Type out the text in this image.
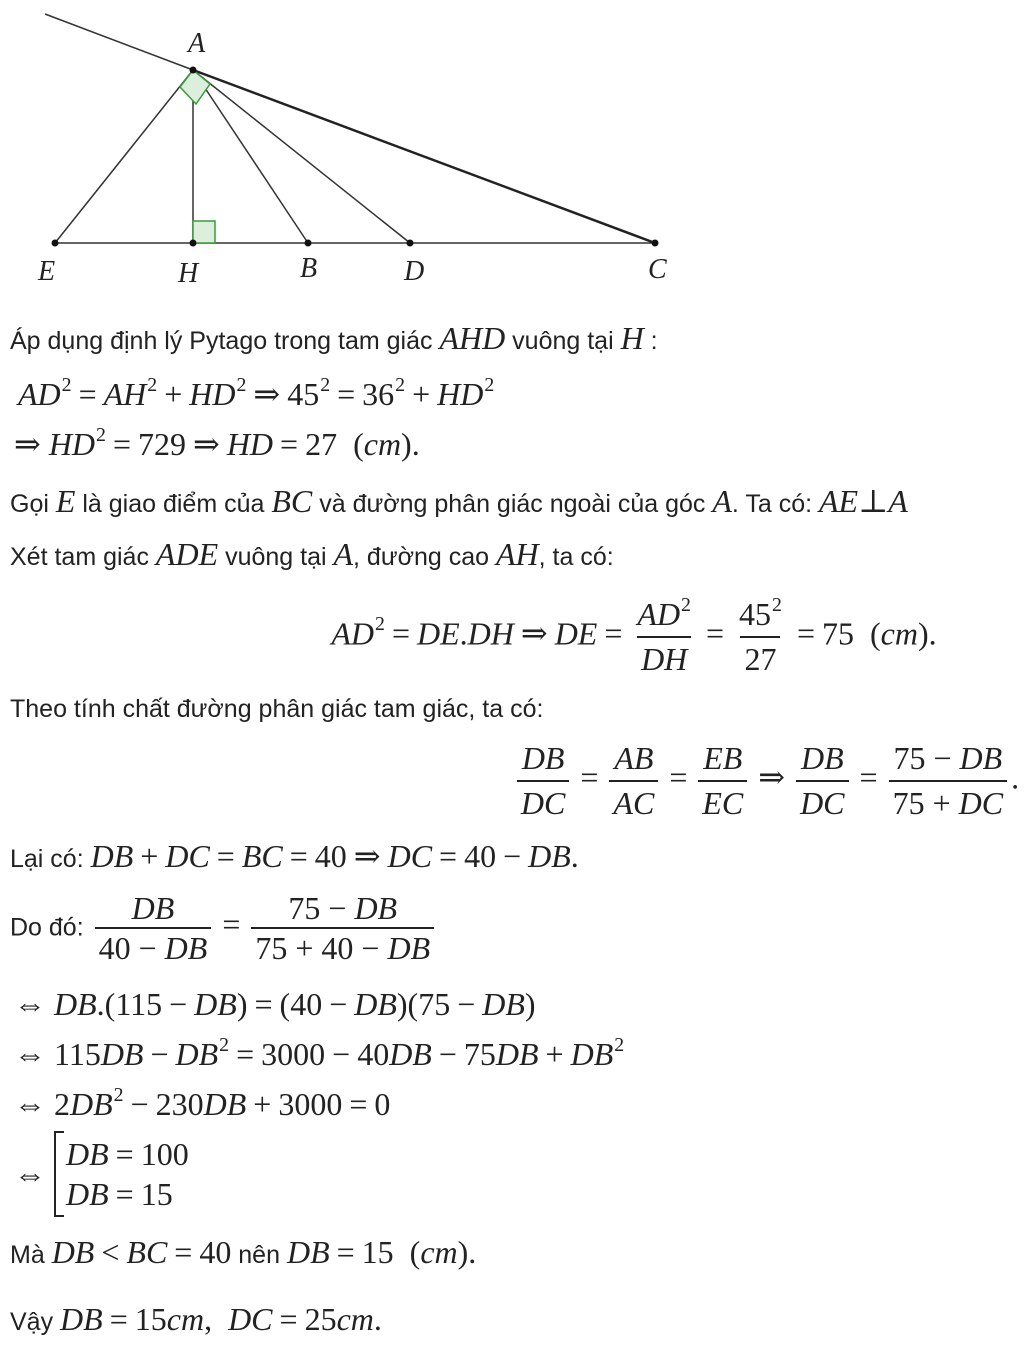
A
E	H	B	D	C
Áp dụng định lý Pytago trong tam giác AHD vuông tại H :
$AD^2 = AH^2 + HD^2$ ⇒ $45^2 = 36^2 + HD^2$
⇒ $HD^2 = 729$ ⇒ HD = 27  (cm).
Gọi E là giao điểm của BC và đường phân giác ngoài của góc A. Ta có: AE⊥A
Xét tam giác ADE vuông tại A, đường cao AH, ta có:
$AD^2 = DE.DH$ ⇒ DE = $\frac{AD^2}{DH} = \frac{45^2}{27} = 75$  (cm).
Theo tính chất đường phân giác tam giác, ta có:
$\frac{DB}{DC} = \frac{AB}{AC} = \frac{EB}{EC}$ ⇒ $\frac{DB}{DC} = \frac{75 - DB}{75 + DC}$ .
Lại có: DB + DC = BC = 40 ⇒ DC = 40 − DB.
Do đó: $\frac{DB}{40 - DB} = \frac{75 - DB}{75 + 40 - DB}$
⇔ DB.(115 − DB) = (40 − DB)(75 − DB)
⇔ $115DB - DB^2 = 3000 - 40DB - 75DB + DB^2$
⇔ $2DB^2 - 230DB + 3000 = 0$
⇔
DB = 100
DB = 15
Mà DB < BC = 40 nên DB = 15  (cm).
Vậy DB = 15cm,  DC = 25cm.
